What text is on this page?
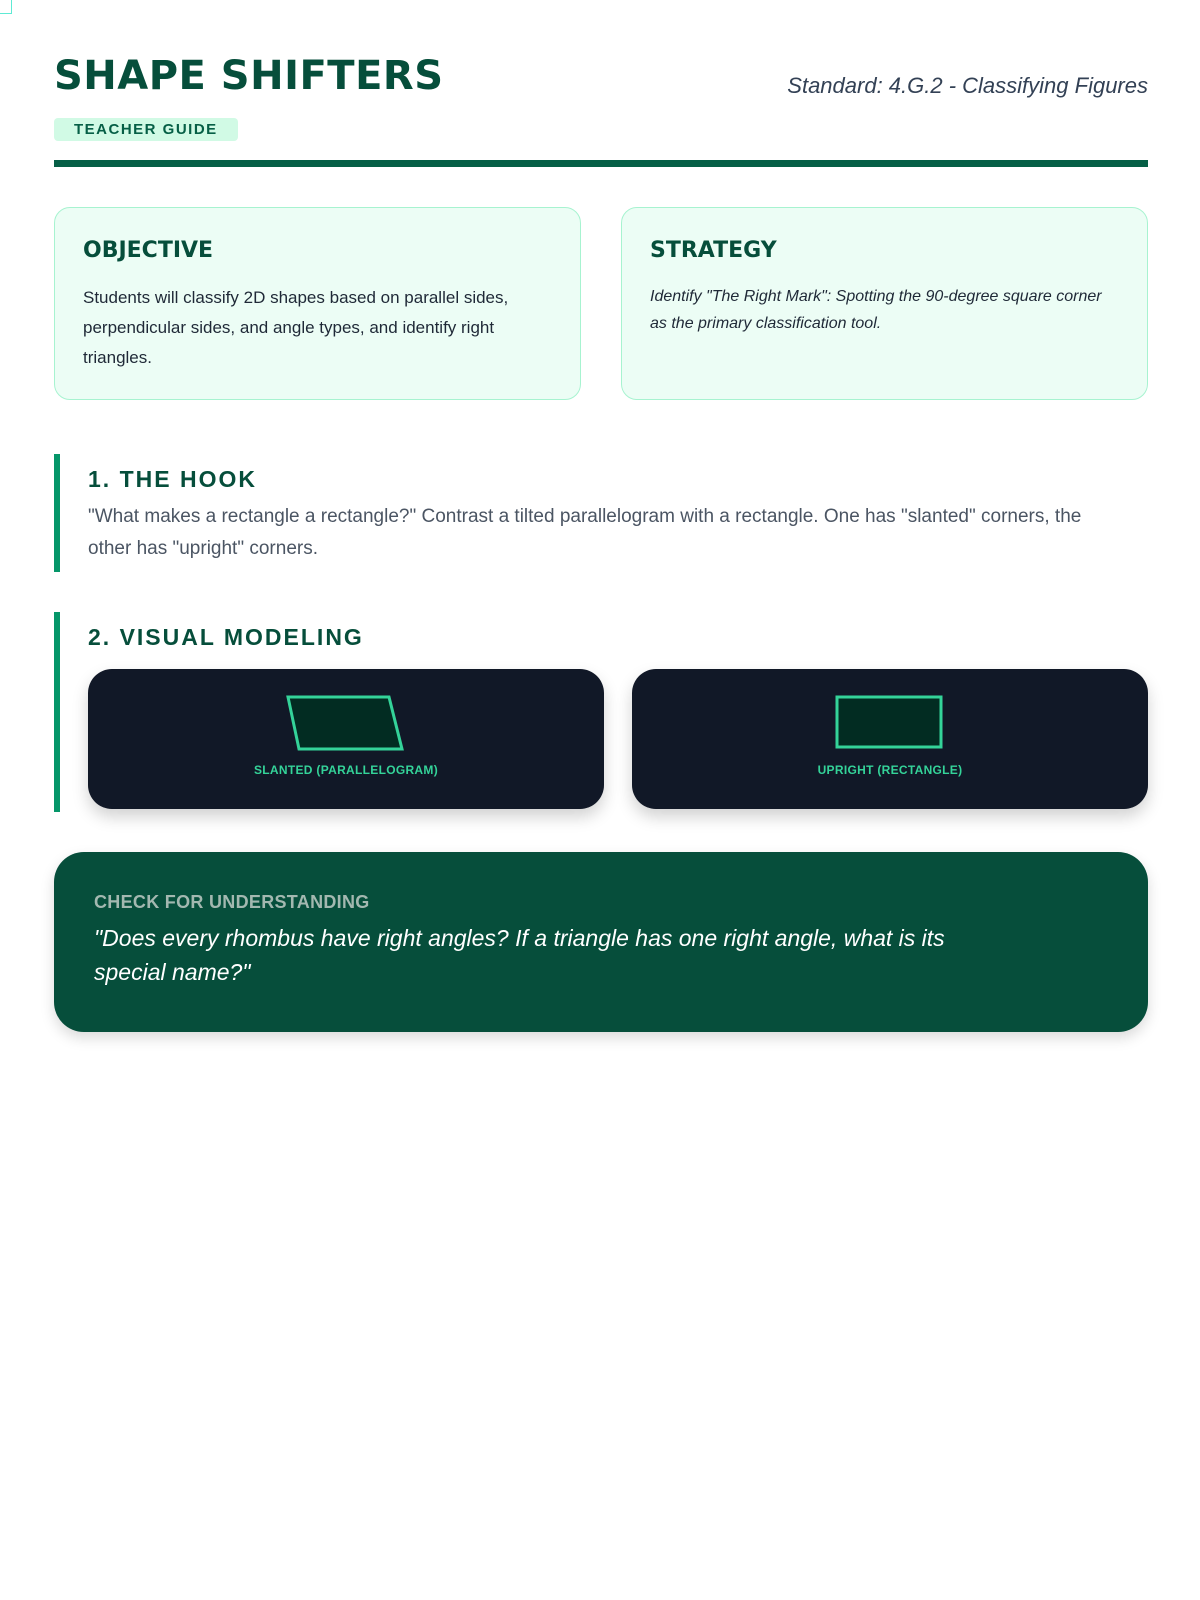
SHAPE SHIFTERS
TEACHER GUIDE
Standard: 4.G.2 - Classifying Figures
OBJECTIVE

Students will classify 2D shapes based on parallel sides, perpendicular sides, and angle types, and identify right triangles.

STRATEGY

Identify "The Right Mark": Spotting the 90-degree square corner as the primary classification tool.

1. THE HOOK

"What makes a rectangle a rectangle?" Contrast a tilted parallelogram with a rectangle. One has "slanted" corners, the other has "upright" corners.

2. VISUAL MODELING
SLANTED (PARALLELOGRAM)	UPRIGHT (RECTANGLE)
CHECK FOR UNDERSTANDING
"Does every rhombus have right angles? If a triangle has one right angle, what is its special name?"
